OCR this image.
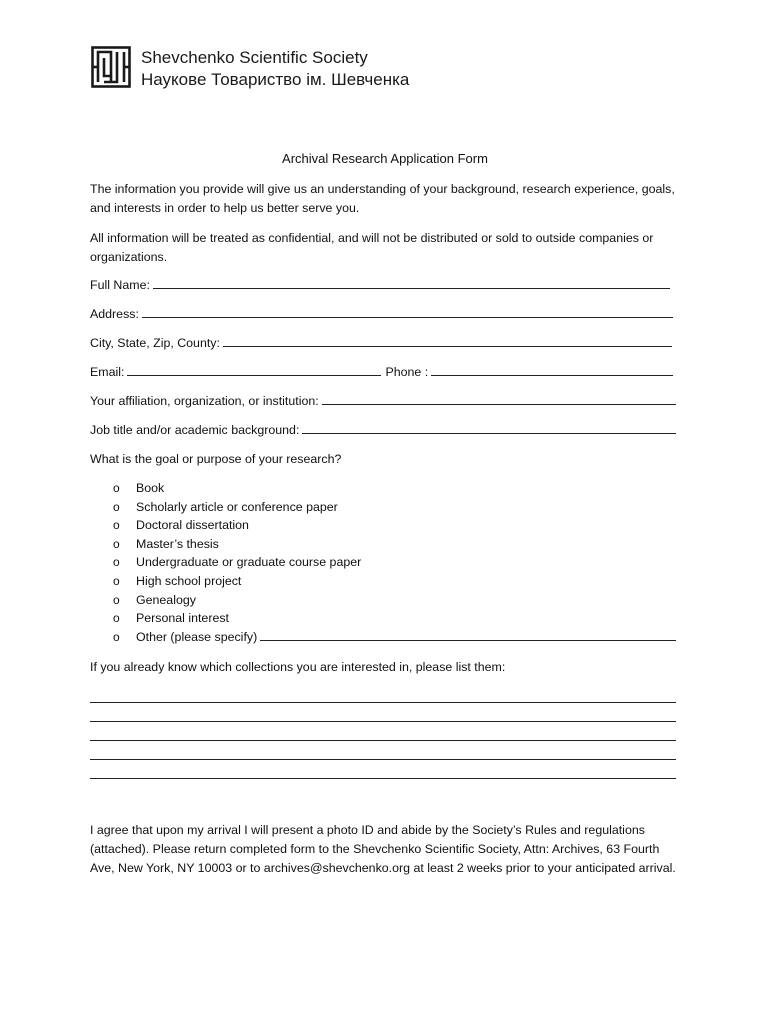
Shevchenko Scientific Society
Наукове Товариство ім. Шевченка
Archival Research Application Form
The information you provide will give us an understanding of your background, research experience, goals, and interests in order to help us better serve you.
All information will be treated as confidential, and will not be distributed or sold to outside companies or organizations.
Full Name:
Address:
City, State, Zip, County:
Email:	Phone :
Your affiliation, organization, or institution:
Job title and/or academic background:
What is the goal or purpose of your research?
o	Book
o	Scholarly article or conference paper
o	Doctoral dissertation
o	Master’s thesis
o	Undergraduate or graduate course paper
o	High school project
o	Genealogy
o	Personal interest
o	Other (please specify)
If you already know which collections you are interested in, please list them:
I agree that upon my arrival I will present a photo ID and abide by the Society’s Rules and regulations (attached). Please return completed form to the Shevchenko Scientific Society, Attn: Archives, 63 Fourth Ave, New York, NY 10003 or to archives@shevchenko.org at least 2 weeks prior to your anticipated arrival.
